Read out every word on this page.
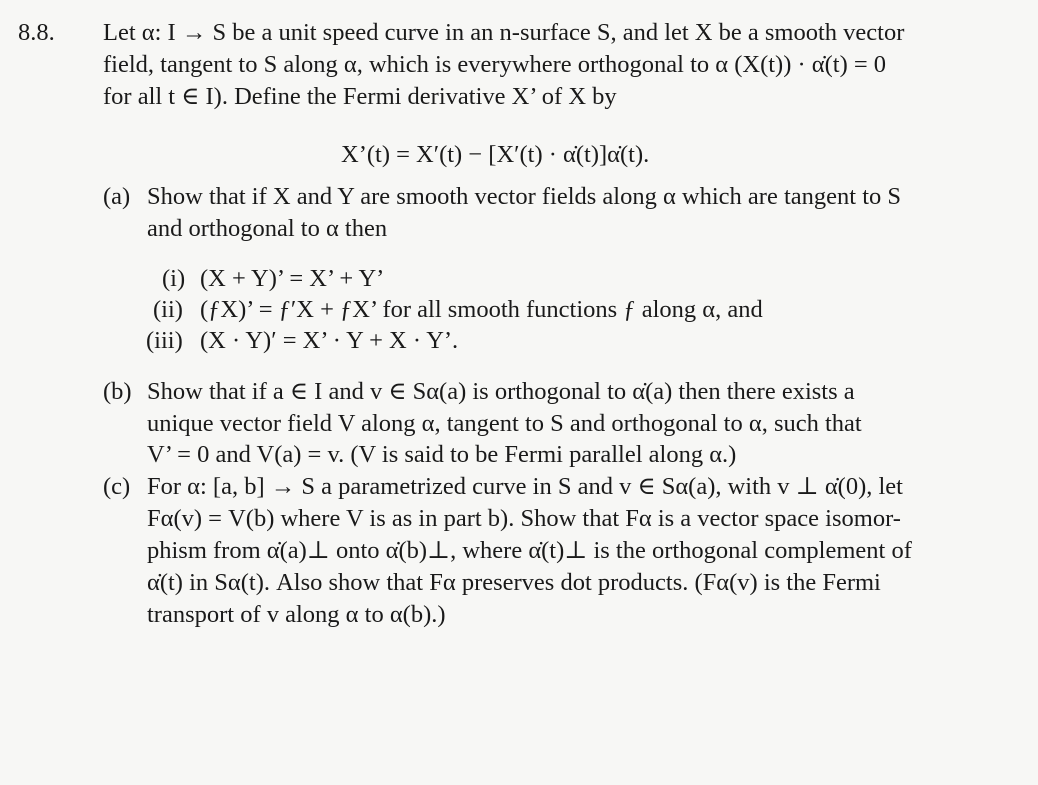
8.8. Let α: I → S be a unit speed curve in an n-surface S, and let X be a smooth vector
field, tangent to S along α, which is everywhere orthogonal to α (X(t)) · α̇(t) = 0
for all t ∈ I). Define the Fermi derivative X’ of X by
X’(t) = X′(t) − [X′(t) · α̇(t)]α̇(t).
(a) Show that if X and Y are smooth vector fields along α which are tangent to S
and orthogonal to α then
(i) (X + Y)’ = X’ + Y’
(ii) (ƒX)’ = ƒ′X + ƒX’ for all smooth functions ƒ along α, and
(iii) (X · Y)′ = X’ · Y + X · Y’.
(b) Show that if a ∈ I and v ∈ Sα(a) is orthogonal to α̇(a) then there exists a
unique vector field V along α, tangent to S and orthogonal to α, such that
V’ = 0 and V(a) = v. (V is said to be Fermi parallel along α.)
(c) For α: [a, b] → S a parametrized curve in S and v ∈ Sα(a), with v ⊥ α̇(0), let
Fα(v) = V(b) where V is as in part b). Show that Fα is a vector space isomor-
phism from α̇(a)⊥ onto α̇(b)⊥, where α̇(t)⊥ is the orthogonal complement of
α̇(t) in Sα(t). Also show that Fα preserves dot products. (Fα(v) is the Fermi
transport of v along α to α(b).)
